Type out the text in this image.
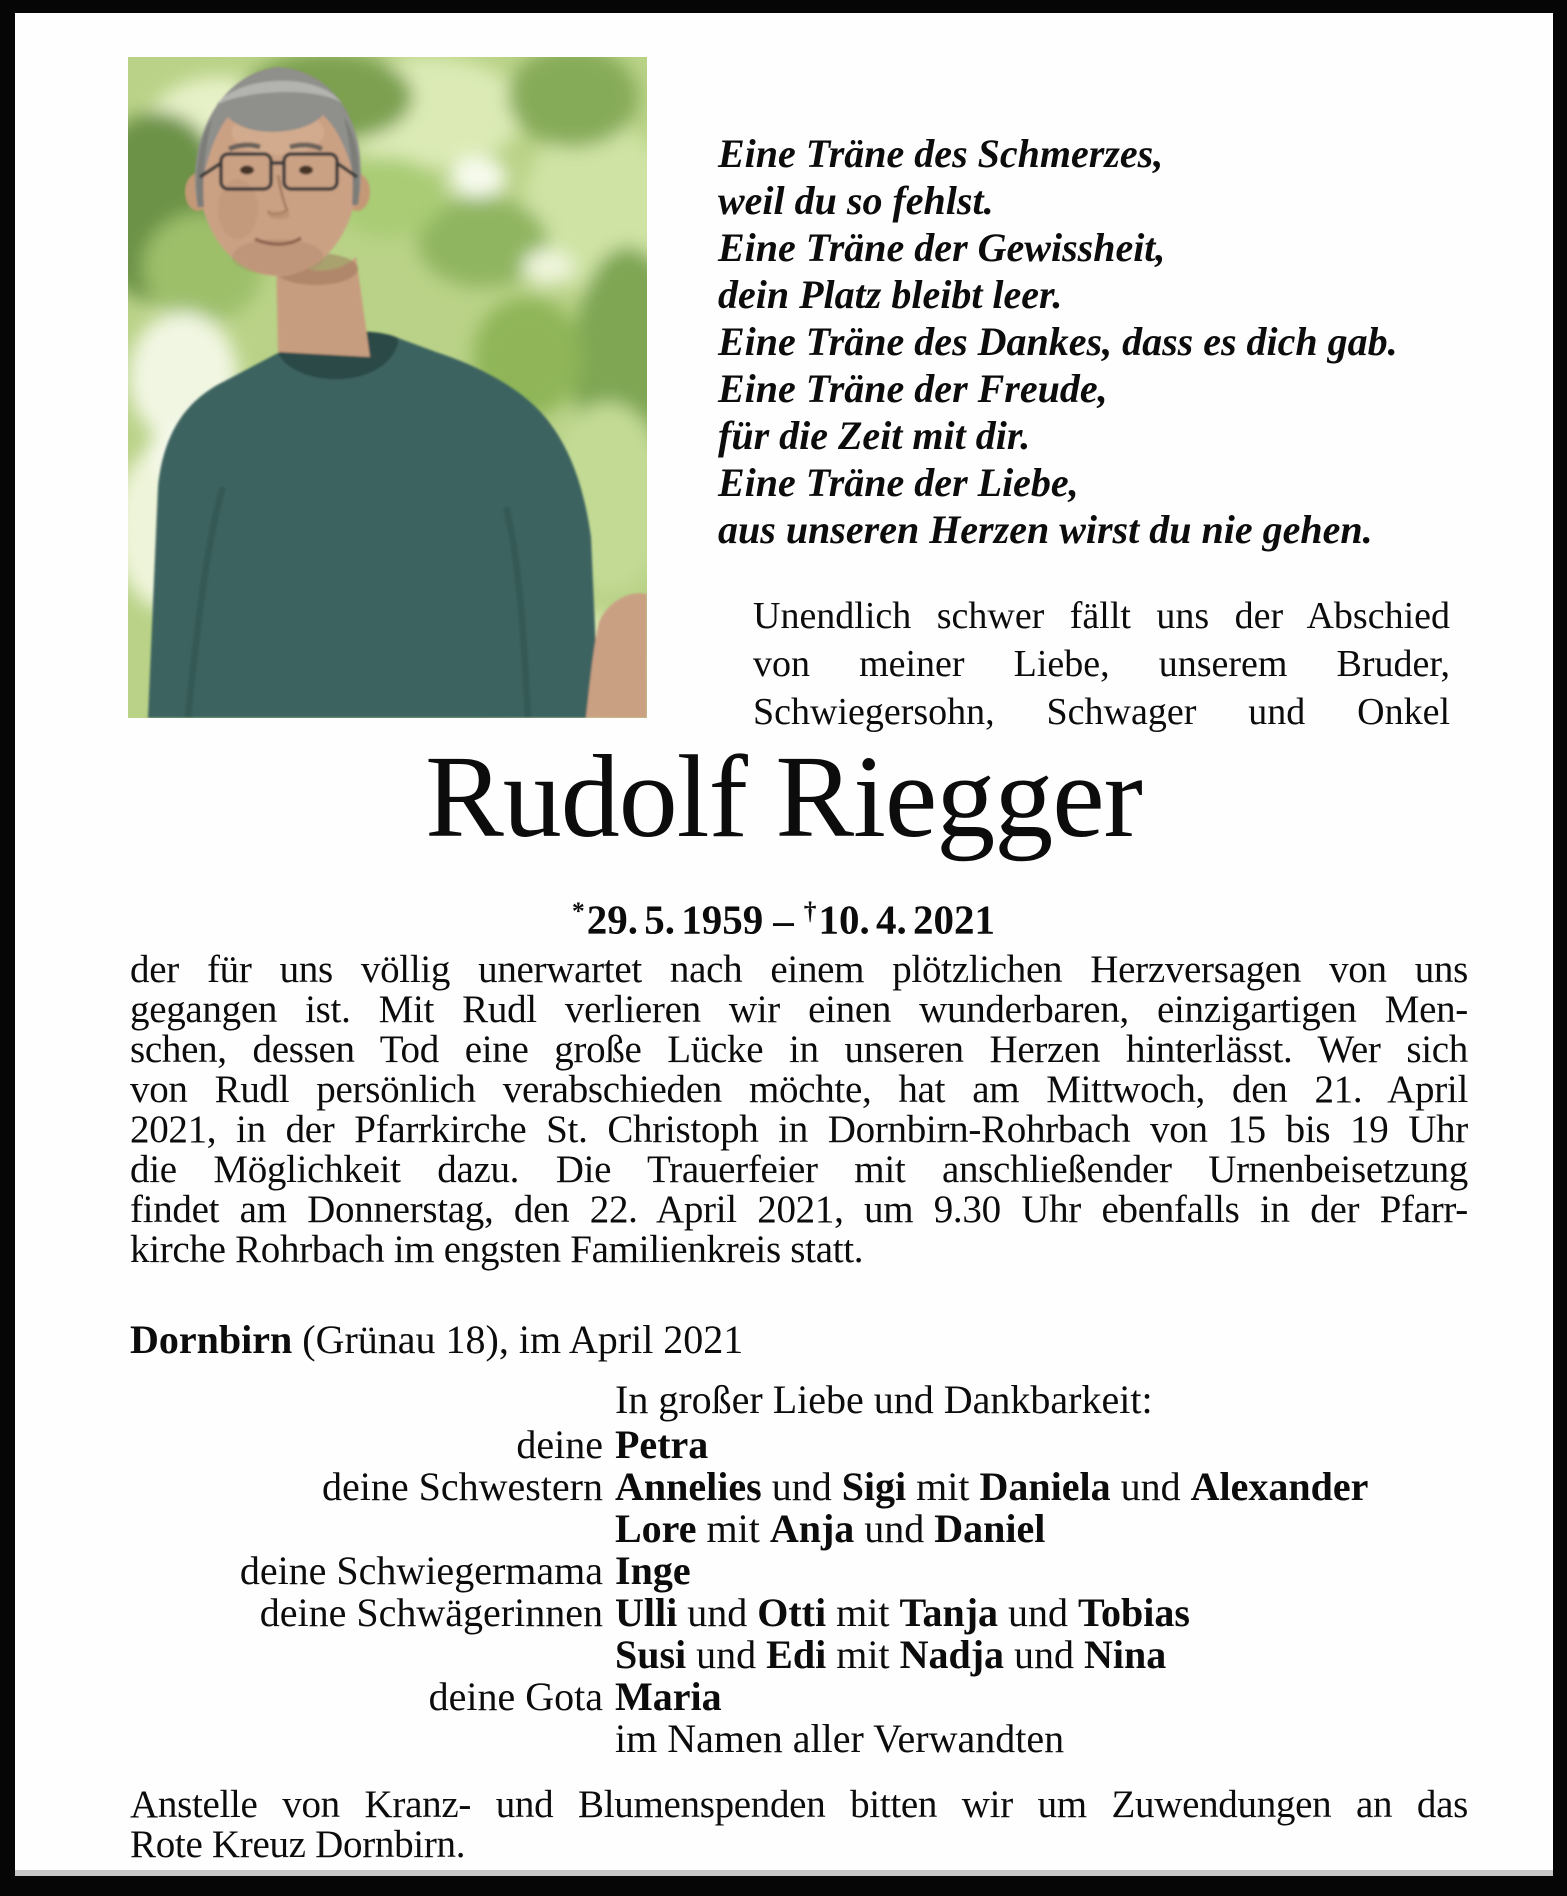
Eine Träne des Schmerzes,
weil du so fehlst.
Eine Träne der Gewissheit,
dein Platz bleibt leer.
Eine Träne des Dankes, dass es dich gab.
Eine Träne der Freude,
für die Zeit mit dir.
Eine Träne der Liebe,
aus unseren Herzen wirst du nie gehen.
Unendlich schwer fällt uns der Abschied
von meiner Liebe, unserem Bruder,
Schwiegersohn, Schwager und Onkel
Rudolf Riegger
*29. 5. 1959 – †10. 4. 2021
der für uns völlig unerwartet nach einem plötzlichen Herzversagen von uns
gegangen ist. Mit Rudl verlieren wir einen wunderbaren, einzigartigen Men-
schen, dessen Tod eine große Lücke in unseren Herzen hinterlässt. Wer sich
von Rudl persönlich verabschieden möchte, hat am Mittwoch, den 21. April
2021, in der Pfarrkirche St. Christoph in Dornbirn-Rohrbach von 15 bis 19 Uhr
die Möglichkeit dazu. Die Trauerfeier mit anschließender Urnenbeisetzung
findet am Donnerstag, den 22. April 2021, um 9.30 Uhr ebenfalls in der Pfarr-
kirche Rohrbach im engsten Familienkreis statt.
Dornbirn (Grünau 18), im April 2021
In großer Liebe und Dankbarkeit:
deine Petra
deine Schwestern Annelies und Sigi mit Daniela und Alexander
Lore mit Anja und Daniel
deine Schwiegermama Inge
deine Schwägerinnen Ulli und Otti mit Tanja und Tobias
Susi und Edi mit Nadja und Nina
deine Gota Maria
im Namen aller Verwandten
Anstelle von Kranz- und Blumenspenden bitten wir um Zuwendungen an das
Rote Kreuz Dornbirn.
